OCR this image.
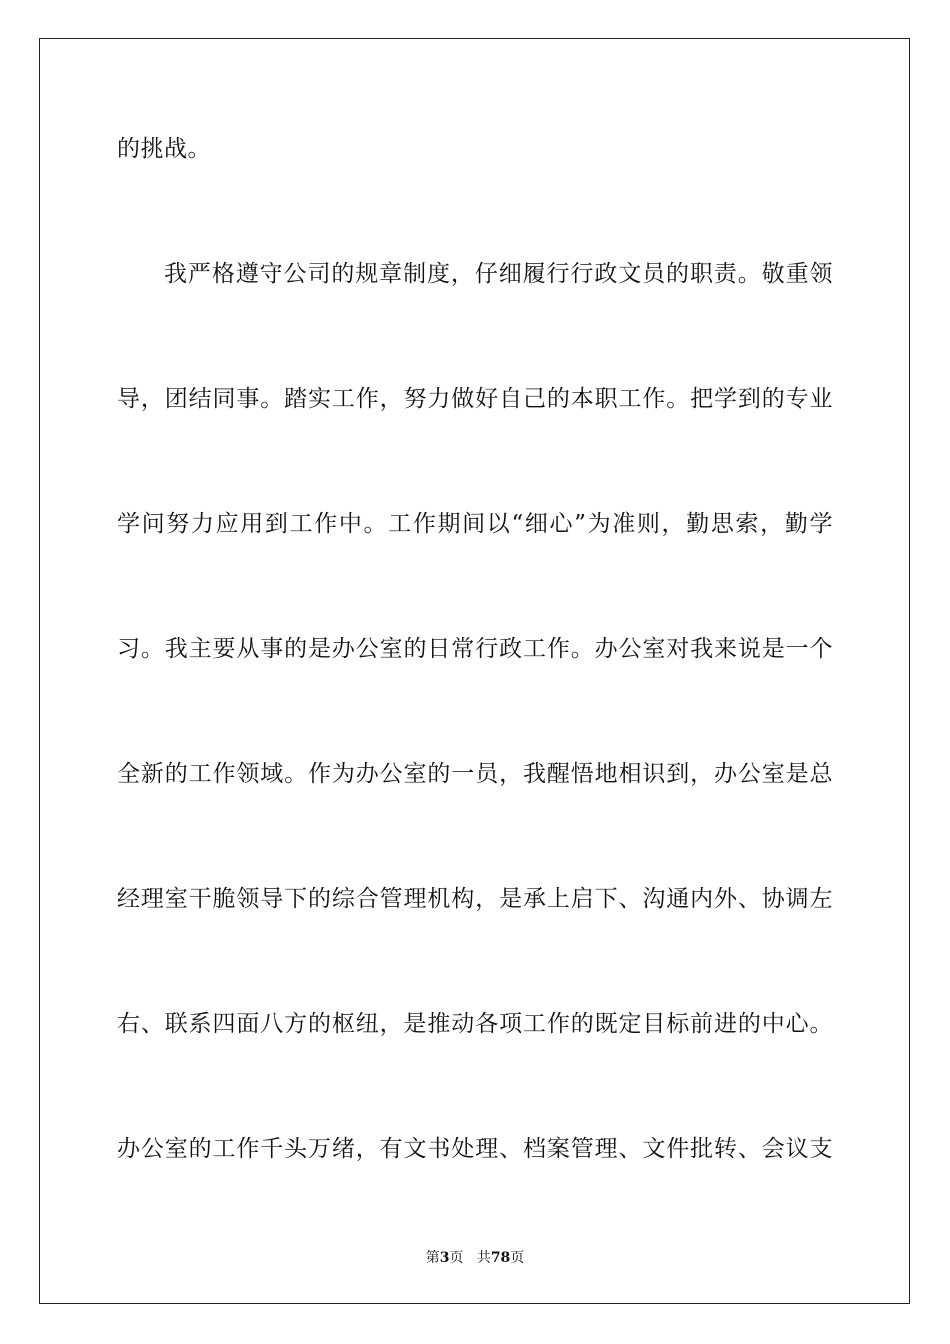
的挑战。
我严格遵守公司的规章制度，仔细履行行政文员的职责。敬重领
导，团结同事。踏实工作，努力做好自己的本职工作。把学到的专业
学问努力应用到工作中。工作期间以“细心”为准则，勤思索，勤学
习。我主要从事的是办公室的日常行政工作。办公室对我来说是一个
全新的工作领域。作为办公室的一员，我醒悟地相识到，办公室是总
经理室干脆领导下的综合管理机构，是承上启下、沟通内外、协调左
右、联系四面八方的枢纽，是推动各项工作的既定目标前进的中心。
办公室的工作千头万绪，有文书处理、档案管理、文件批转、会议支
第3页 共78页
